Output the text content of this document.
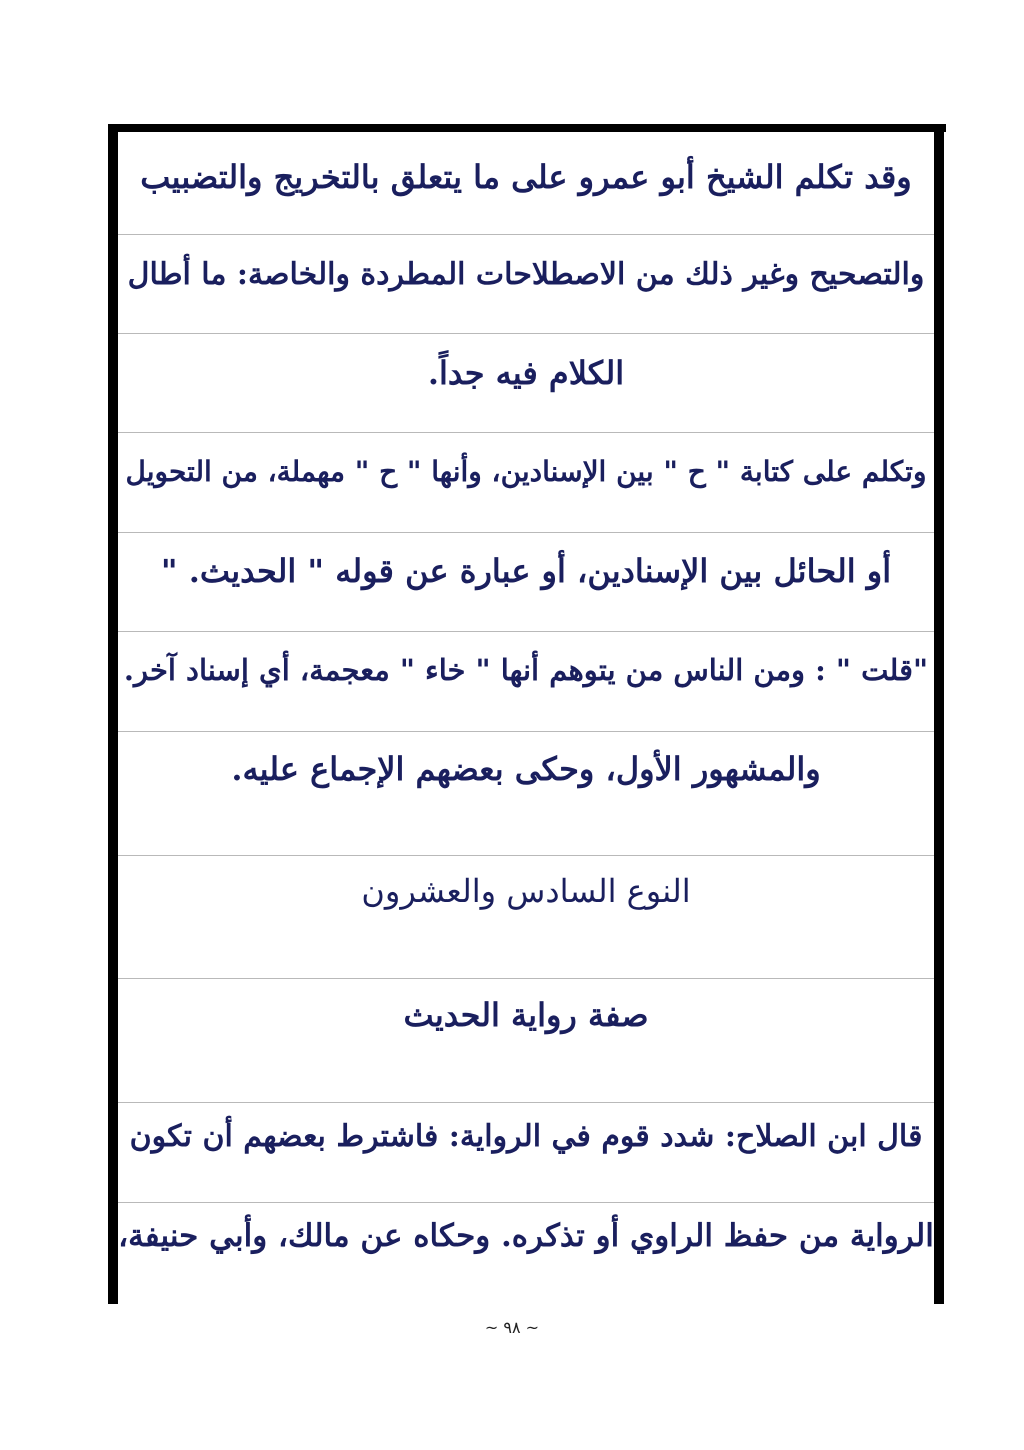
وقد تكلم الشيخ أبو عمرو على ما يتعلق بالتخريج والتضبيب
والتصحيح وغير ذلك من الاصطلاحات المطردة والخاصة: ما أطال
الكلام فيه جداً.
وتكلم على كتابة " ح " بين الإسنادين، وأنها " ح " مهملة، من التحويل
أو الحائل بين الإسنادين، أو عبارة عن قوله " الحديث. "
"قلت " : ومن الناس من يتوهم أنها " خاء " معجمة، أي إسناد آخر.
والمشهور الأول، وحكى بعضهم الإجماع عليه.
النوع السادس والعشرون
صفة رواية الحديث
قال ابن الصلاح: شدد قوم في الرواية: فاشترط بعضهم أن تكون
الرواية من حفظ الراوي أو تذكره. وحكاه عن مالك، وأبي حنيفة،
~ ٩٨ ~
